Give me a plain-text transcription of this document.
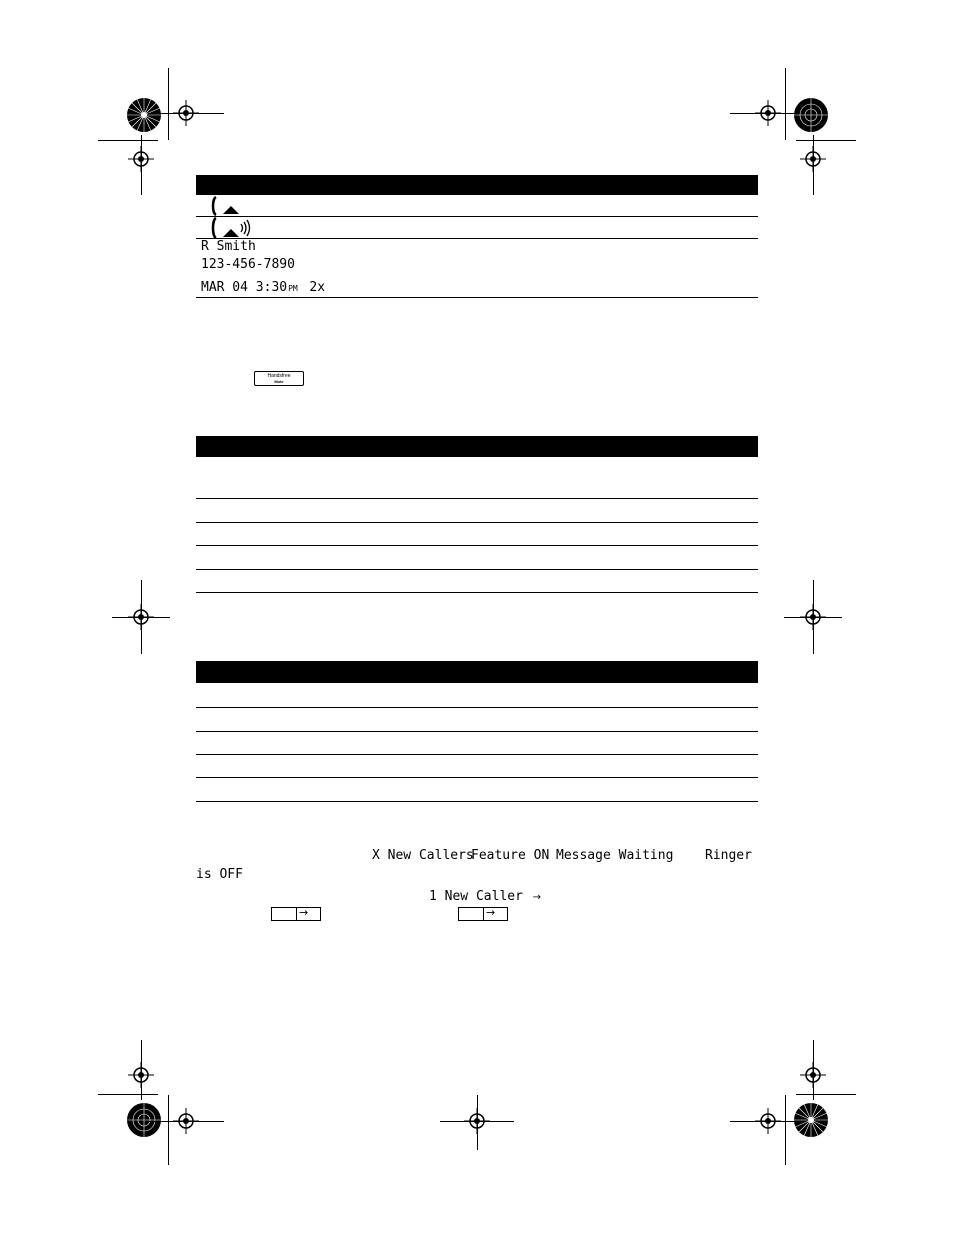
R Smith
123-456-7890
MAR 04 3:30PM 2x
Handsfree
Mute
X New Callers
Feature ON Message Waiting Ringer
is OFF
1 New Caller →
→	→
